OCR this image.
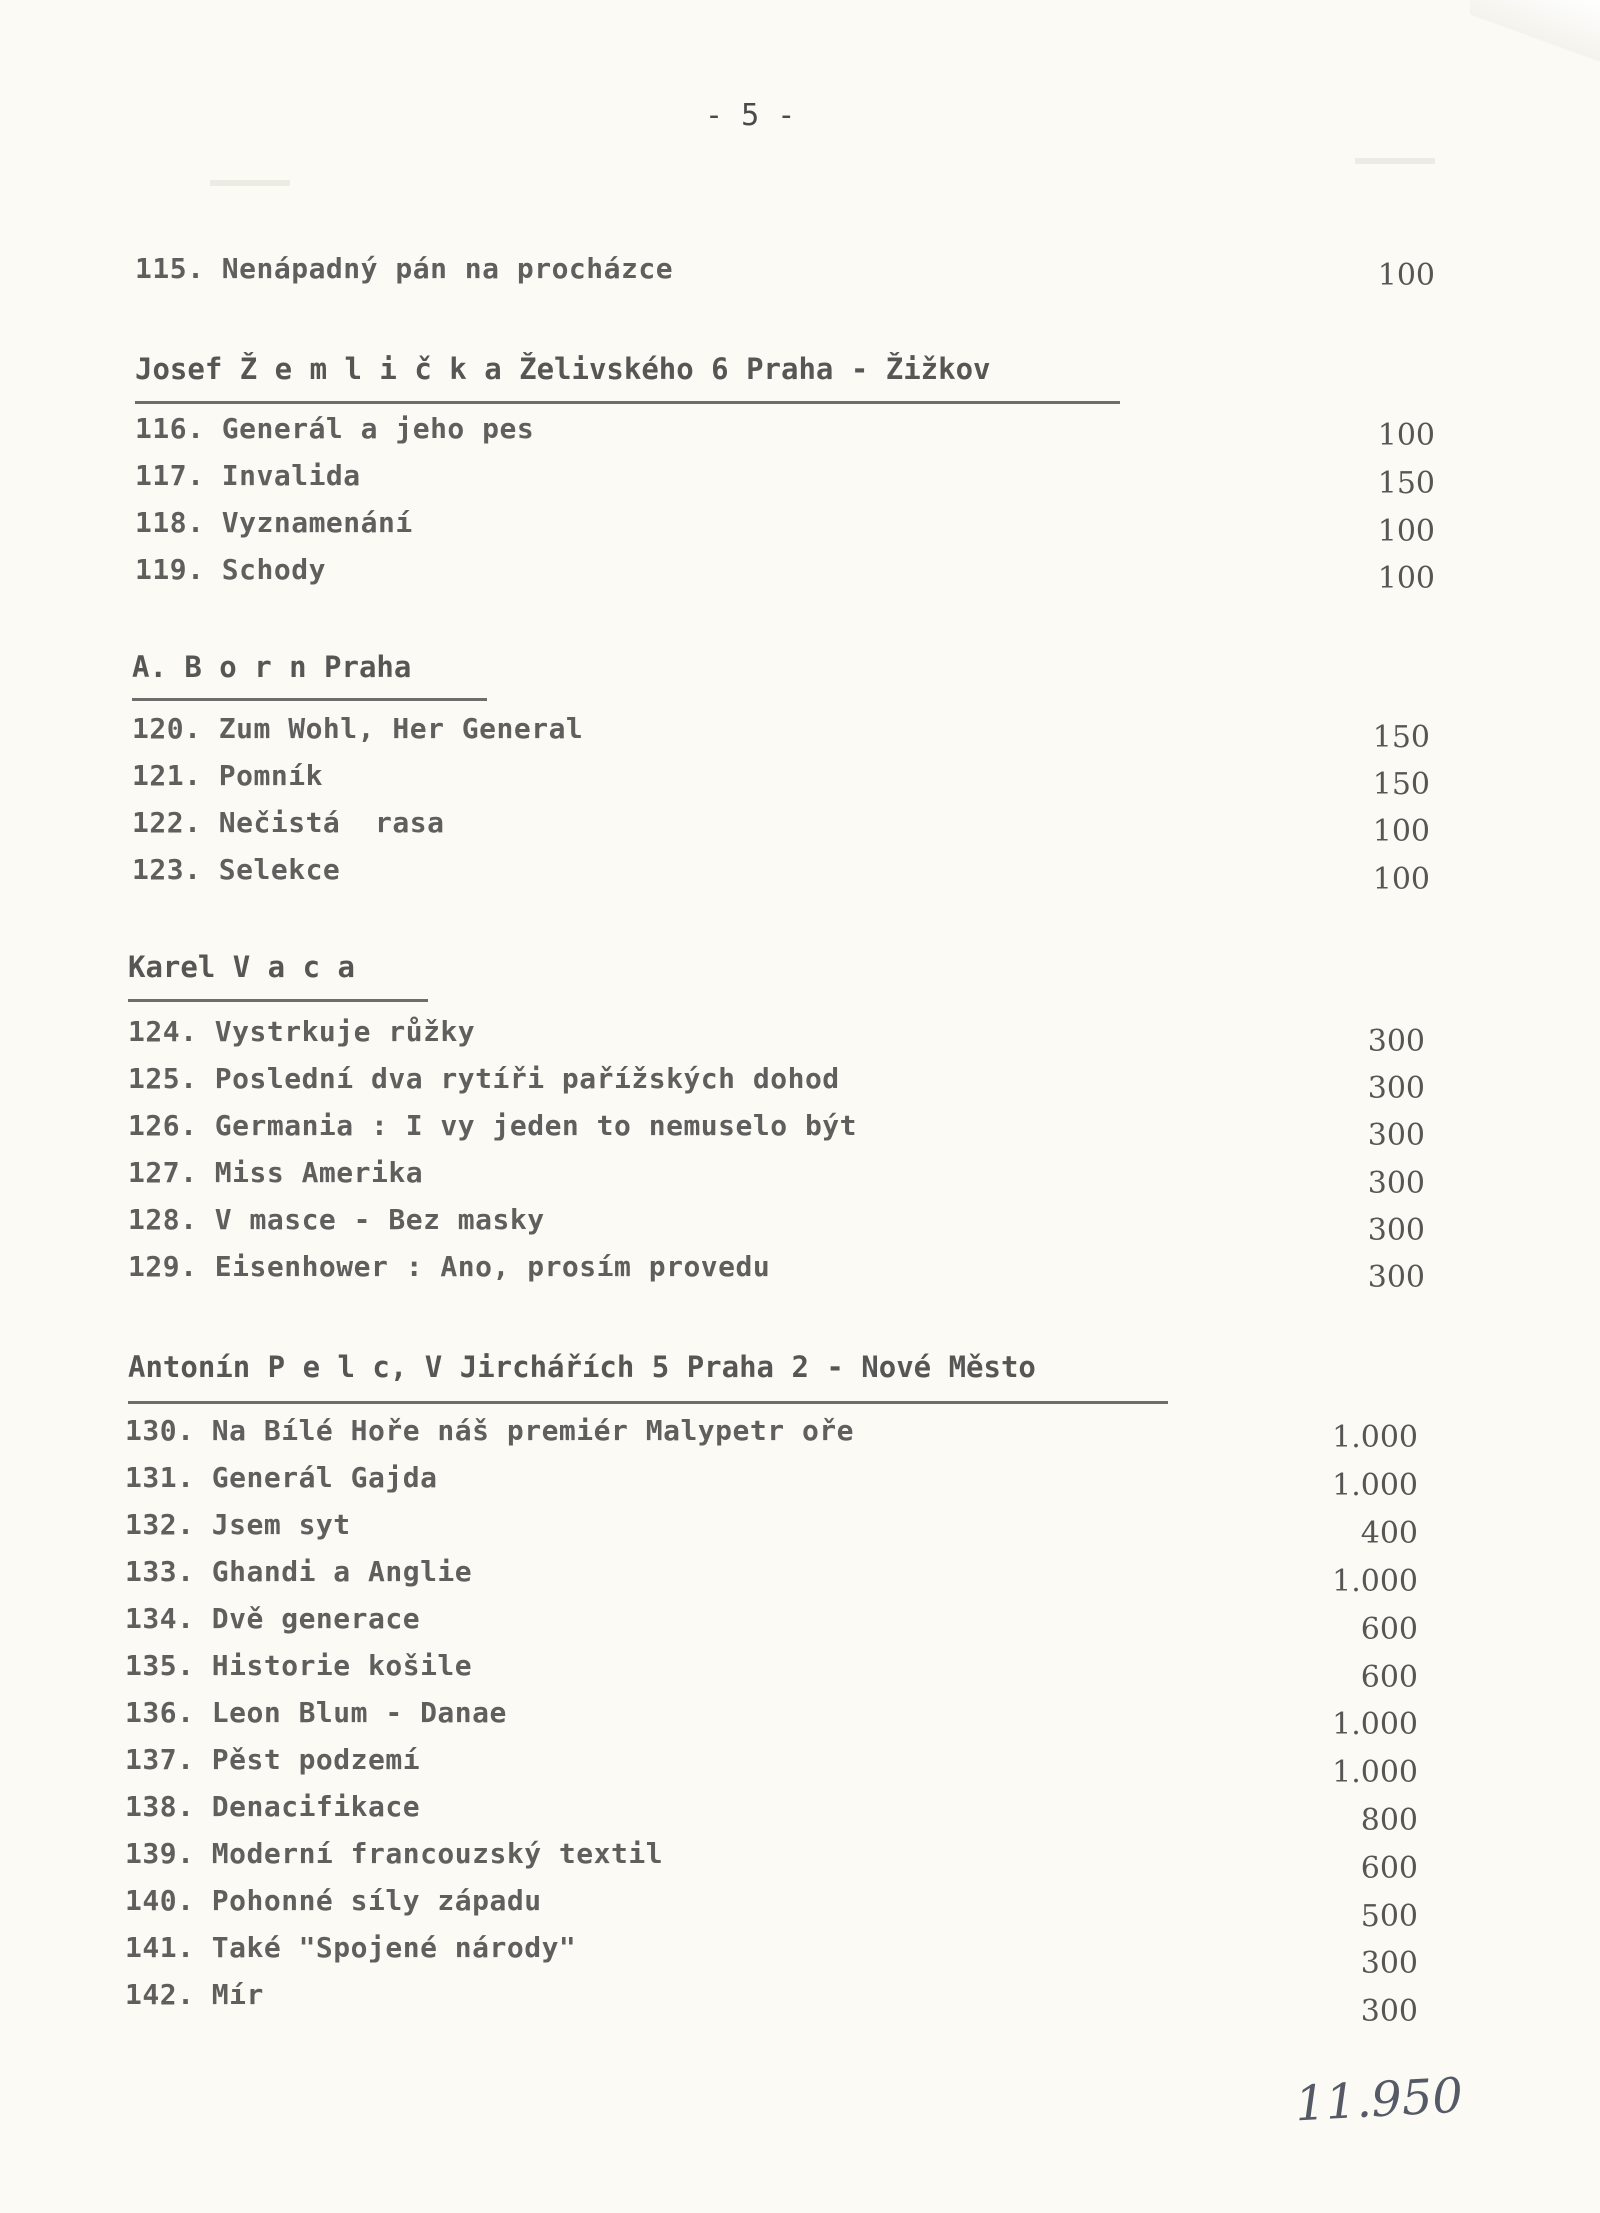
- 5 -
115. Nenápadný pán na procházce	100
Josef Ž e m l i č k a Želivského 6 Praha - Žižkov
116. Generál a jeho pes	100
117. Invalida	150
118. Vyznamenání	100
119. Schody	100
A. B o r n Praha
120. Zum Wohl, Her General	150
121. Pomník	150
122. Nečistá  rasa	100
123. Selekce	100
Karel V a c a
124. Vystrkuje růžky	300
125. Poslední dva rytíři pařížských dohod	300
126. Germania : I vy jeden to nemuselo být	300
127. Miss Amerika	300
128. V masce - Bez masky	300
129. Eisenhower : Ano, prosím provedu	300
Antonín P e l c, V Jirchářích 5 Praha 2 - Nové Město
130. Na Bílé Hoře náš premiér Malypetr oře	1.000
131. Generál Gajda	1.000
132. Jsem syt	400
133. Ghandi a Anglie	1.000
134. Dvě generace	600
135. Historie košile	600
136. Leon Blum - Danae	1.000
137. Pěst podzemí	1.000
138. Denacifikace	800
139. Moderní francouzský textil	600
140. Pohonné síly západu	500
141. Také "Spojené národy"	300
142. Mír	300
11.950
